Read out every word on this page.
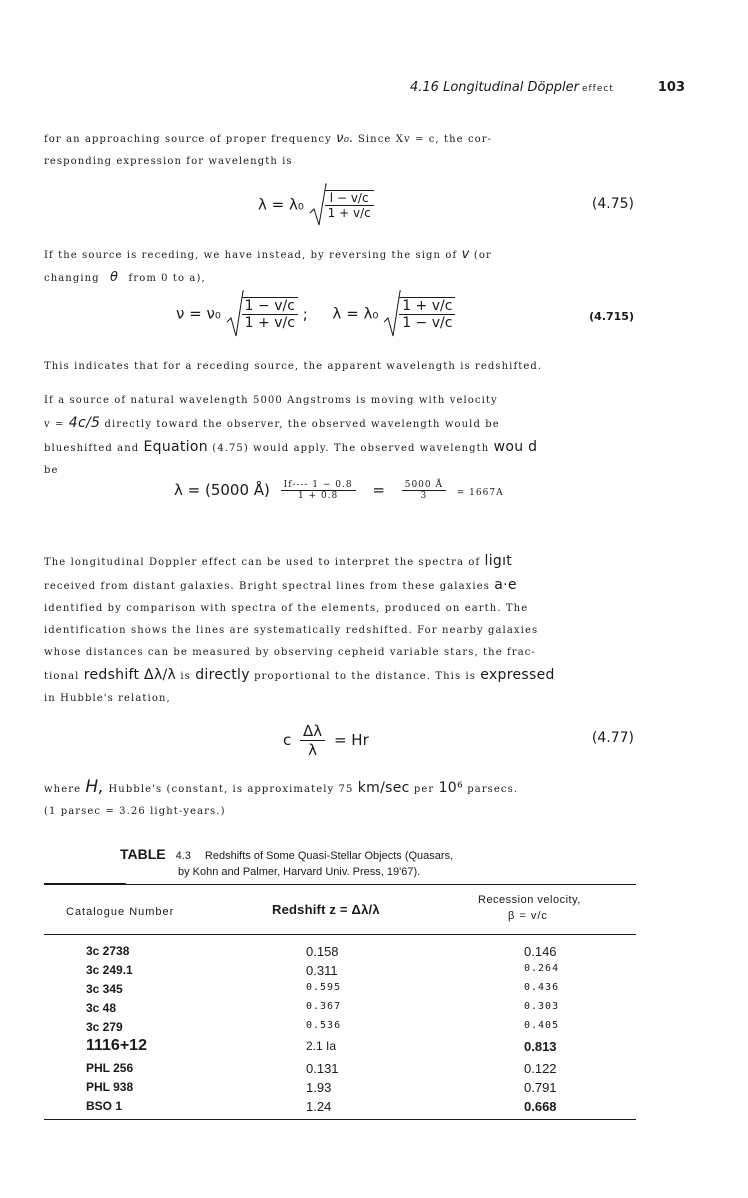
4.16 Longitudinal Döppler effect	103
for an approaching source of proper frequency ν₀. Since Xv = c, the cor-
responding expression for wavelength is
$\lambda = \lambda_0 \frac{l - v/c}{1 + v/c}$	(4.75)
If the source is receding, we have instead, by reversing the sign of v (or
changing θ from 0 to a),
$\nu = \nu_0 \frac{1 - v/c}{1 + v/c}$ ; $\lambda = \lambda_0 \frac{1 + v/c}{1 - v/c}$	(4.715)
This indicates that for a receding source, the apparent wavelength is redshifted.
If a source of natural wavelength 5000 Angstroms is moving with velocity
v = 4c/5 directly toward the observer, the observed wavelength would be
blueshifted and Equation (4.75) would apply. The observed wavelength wou d
be
λ = (5000 Å) $\frac{If---- 1 - 0.8}{1 + 0.8} = \frac{5000 Å}{3} = 1667A$
The longitudinal Doppler effect can be used to interpret the spectra of ligıt
received from distant galaxies. Bright spectral lines from these galaxies a·e
identified by comparison with spectra of the elements, produced on earth. The
identification shows the lines are systematically redshifted. For nearby galaxies
whose distances can be measured by observing cepheid variable stars, the frac-
tional redshift Δλ/λ is directly proportional to the distance. This is expressed
in Hubble's relation,
c $\frac{\Delta\lambda}{\lambda} = Hr$	(4.77)
where H, Hubble's (constant, is approximately 75 km/sec per 10⁶ parsecs.
(1 parsec = 3.26 light-years.)
TABLE 4.3 Redshifts of Some Quasi-Stellar Objects (Quasars,
by Kohn and Palmer, Harvard Univ. Press, 19'67).
Catalogue Number	Redshift z = Δλ/λ
Recession velocity,
β = v/c
3c 2738	0.158	0.146
3c 249.1	0.311	0.264
3c 345	0.595	0.436
3c 48	0.367	0.303
3c 279	0.536	0.405
1116+12	2.1 Ia	0.813
PHL 256	0.131	0.122
PHL 938	1.93	0.791
BSO 1	1.24	0.668
